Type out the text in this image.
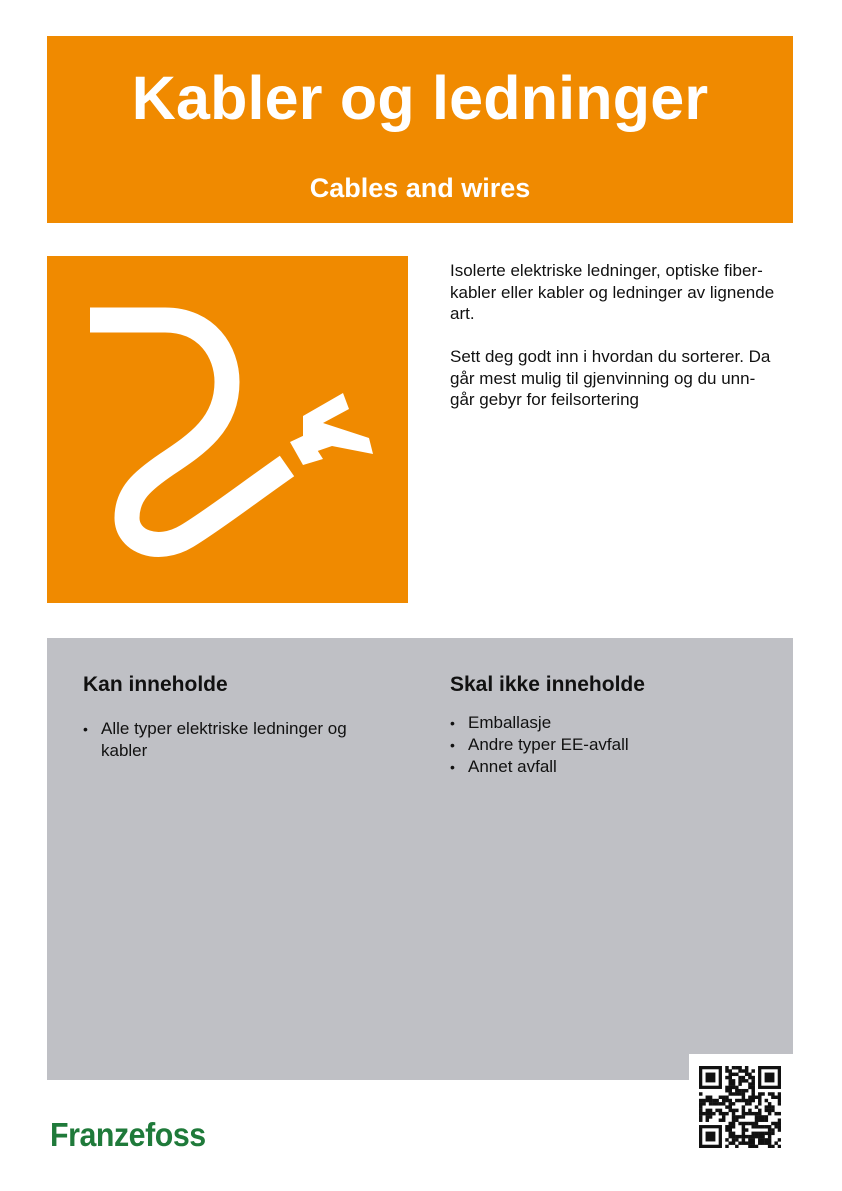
Kabler og ledninger
Cables and wires

Isolerte elektriske ledninger, optiske fiber-
kabler eller kabler og ledninger av lignende
art.

Sett deg godt inn i hvordan du sorterer. Da
går mest mulig til gjenvinning og du unn-
går gebyr for feilsortering

Kan inneholde
• Alle typer elektriske ledninger og
kabler
Skal ikke inneholde
• Emballasje
• Andre typer EE-avfall
• Annet avfall
Franzefoss
